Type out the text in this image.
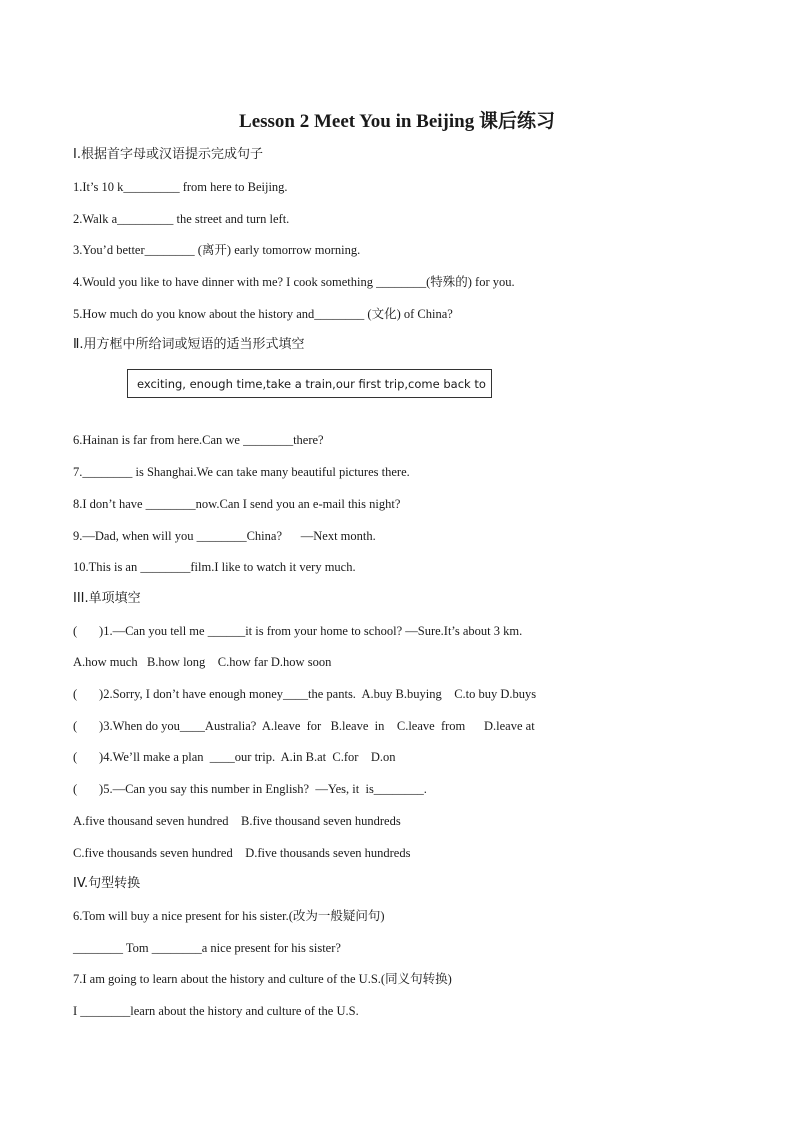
Lesson 2 Meet You in Beijing 课后练习
Ⅰ.根据首字母或汉语提示完成句子
1.It’s 10 k_________ from here to Beijing.
2.Walk a_________ the street and turn left.
3.You’d better________ (离开) early tomorrow morning.
4.Would you like to have dinner with me? I cook something ________(特殊的) for you.
5.How much do you know about the history and________ (文化) of China?
Ⅱ.用方框中所给词或短语的适当形式填空
exciting, enough time,take a train,our first trip,come back to
6.Hainan is far from here.Can we ________there?
7.________ is Shanghai.We can take many beautiful pictures there.
8.I don’t have ________now.Can I send you an e-mail this night?
9.—Dad, when will you ________China?      —Next month.
10.This is an ________film.I like to watch it very much.
III.单项填空
(       )1.—Can you tell me ______it is from your home to school? —Sure.It’s about 3 km.
A.how much   B.how long    C.how far D.how soon
(       )2.Sorry, I don’t have enough money____the pants.  A.buy B.buying    C.to buy D.buys
(       )3.When do you____Australia?  A.leave  for   B.leave  in    C.leave  from      D.leave at
(       )4.We’ll make a plan  ____our trip.  A.in B.at  C.for    D.on
(       )5.—Can you say this number in English?  —Yes, it  is________.
A.five thousand seven hundred    B.five thousand seven hundreds
C.five thousands seven hundred    D.five thousands seven hundreds
IV.句型转换
6.Tom will buy a nice present for his sister.(改为一般疑问句)
________ Tom ________a nice present for his sister?
7.I am going to learn about the history and culture of the U.S.(同义句转换)
I ________learn about the history and culture of the U.S.
